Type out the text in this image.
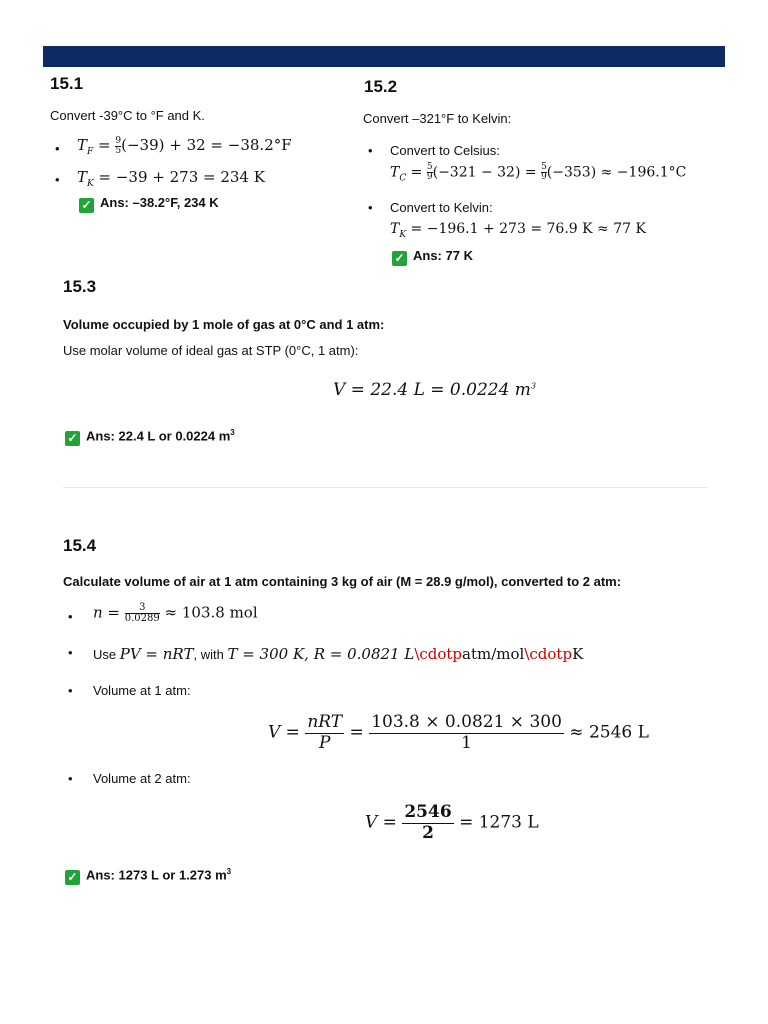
15.1
Convert -39°C to °F and K.
• $T_F = \frac{9}{5} (-39) + 32 = -38.2^\circ F$
• $T_K = -39 + 273 = 234$ K
✓ Ans: –38.2°F, 234 K
15.2
Convert –321°F to Kelvin:
• Convert to Celsius:
$T_C = \frac{5}{9} (-321 - 32) = \frac{5}{9} (-353) \approx -196.1^\circ C$
• Convert to Kelvin:
$T_K = -196.1 + 273 = 76.9$ K ≈ 77 K
✓ Ans: 77 K
15.3
Volume occupied by 1 mole of gas at 0°C and 1 atm:
Use molar volume of ideal gas at STP (0°C, 1 atm):
V = 22.4 L = 0.0224 $m^3$
✓ Ans: 22.4 L or 0.0224 $m^3$
15.4
Calculate volume of air at 1 atm containing 3 kg of air (M = 28.9 g/mol), converted to 2 atm:
• $n = \frac{3}{0.0289} \approx 103.8$ mol
• Use PV = nRT, with T = 300 K, R = 0.0821 L\cdotpatm/mol\cdotpK
• Volume at 1 atm:
$V = \frac{\text{nRT}}{P} = \frac{103.8 \times 0.0821 \times 300}{1} \approx 2546$ L
• Volume at 2 atm:
$V = \frac{2546}{2} = 1273$ L
✓ Ans: 1273 L or 1.273 $m^3$
